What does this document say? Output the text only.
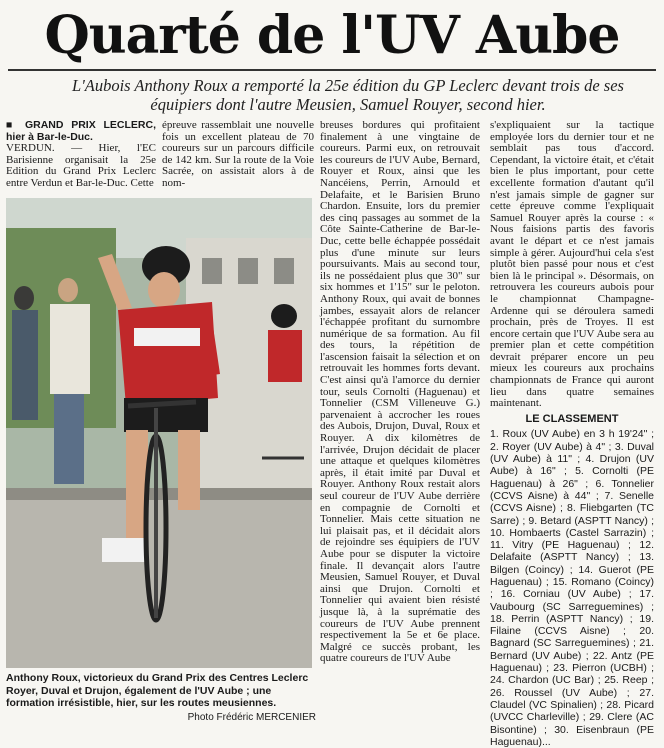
Quarté de l'UV Aube
L'Aubois Anthony Roux a remporté la 25e édition du GP Leclerc devant trois de ses équipiers dont l'autre Meusien, Samuel Rouyer, second hier.

■ GRAND PRIX LECLERC, hier à Bar-le-Duc.

VERDUN. — Hier, l'EC Barisienne organisait la 25e Edition du Grand Prix Leclerc entre Verdun et Bar-le-Duc. Cette

épreuve rassemblait une nouvelle fois un excellent plateau de 70 coureurs sur un parcours difficile de 142 km. Sur la route de la Voie Sacrée, on assistait alors à de nom-

Anthony Roux, victorieux du Grand Prix des Centres Leclerc Royer, Duval et Drujon, également de l'UV Aube ; une formation irrésistible, hier, sur les routes meusiennes.
Photo Frédéric MERCENIER

breuses bordures qui profitaient finalement à une vingtaine de coureurs. Parmi eux, on retrouvait les coureurs de l'UV Aube, Bernard, Rouyer et Roux, ainsi que les Nancéiens, Perrin, Arnould et Delafaite, et le Barisien Bruno Chardon. Ensuite, lors du premier des cinq passages au sommet de la Côte Sainte-Catherine de Bar-le-Duc, cette belle échappée possédait plus d'une minute sur leurs poursuivants. Mais au second tour, ils ne possédaient plus que 30" sur six hommes et 1'15" sur le peloton. Anthony Roux, qui avait de bonnes jambes, essayait alors de relancer l'échappée profitant du surnombre numérique de sa formation. Au fil des tours, la répétition de l'ascension faisait la sélection et on retrouvait les hommes forts devant. C'est ainsi qu'à l'amorce du dernier tour, seuls Cornolti (Haguenau) et Tonnelier (CSM Villeneuve G.) parvenaient à accrocher les roues des Aubois, Drujon, Duval, Roux et Rouyer. A dix kilomètres de l'arrivée, Drujon décidait de placer une attaque et quelques kilomètres après, il était imité par Duval et Rouyer. Anthony Roux restait alors seul coureur de l'UV Aube derrière en compagnie de Cornolti et Tonnelier. Mais cette situation ne lui plaisait pas, et il décidait alors de rejoindre ses équipiers de l'UV Aube pour se disputer la victoire finale. Il devançait alors l'autre Meusien, Samuel Rouyer, et Duval ainsi que Drujon. Cornolti et Tonnelier qui avaient bien résisté jusque là, à la suprématie des coureurs de l'UV Aube prennent respectivement la 5e et 6e place. Malgré ce succès probant, les quatre coureurs de l'UV Aube

s'expliquaient sur la tactique employée lors du dernier tour et ne semblait pas tous d'accord. Cependant, la victoire était, et c'était bien le plus important, pour cette excellente formation d'autant qu'il n'est jamais simple de gagner sur cette épreuve comme l'expliquait Samuel Rouyer après la course : « Nous faisions partis des favoris avant le départ et ce n'est jamais simple à gérer. Aujourd'hui cela s'est plutôt bien passé pour nous et c'est bien là le principal ». Désormais, on retrouvera les coureurs aubois pour le championnat Champagne-Ardenne qui se déroulera samedi prochain, près de Troyes. Il est encore certain que l'UV Aube sera au premier plan et cette compétition devrait préparer encore un peu mieux les coureurs aux prochains championnats de France qui auront lieu dans quatre semaines maintenant.

LE CLASSEMENT
1. Roux (UV Aube) en 3 h 19'24" ; 2. Royer (UV Aube) à 4" ; 3. Duval (UV Aube) à 11" ; 4. Drujon (UV Aube) à 16" ; 5. Cornolti (PE Haguenau) à 26" ; 6. Tonnelier (CCVS Aisne) à 44" ; 7. Senelle (CCVS Aisne) ; 8. Fliebgarten (TC Sarre) ; 9. Betard (ASPTT Nancy) ; 10. Hombaerts (Castel Sarrazin) ; 11. Vitry (PE Haguenau) ; 12. Delafaite (ASPTT Nancy) ; 13. Bilgen (Coincy) ; 14. Guerot (PE Haguenau) ; 15. Romano (Coincy) ; 16. Corniau (UV Aube) ; 17. Vaubourg (SC Sarreguemines) ; 18. Perrin (ASPTT Nancy) ; 19. Filaine (CCVS Aisne) ; 20. Bagnard (SC Sarreguemines) ; 21. Bernard (UV Aube) ; 22. Antz (PE Haguenau) ; 23. Pierron (UCBH) ; 24. Chardon (UC Bar) ; 25. Reep ; 26. Roussel (UV Aube) ; 27. Claudel (VC Spinalien) ; 28. Picard (UVCC Charleville) ; 29. Clere (AC Bisontine) ; 30. Eisenbraun (PE Haguenau)...
